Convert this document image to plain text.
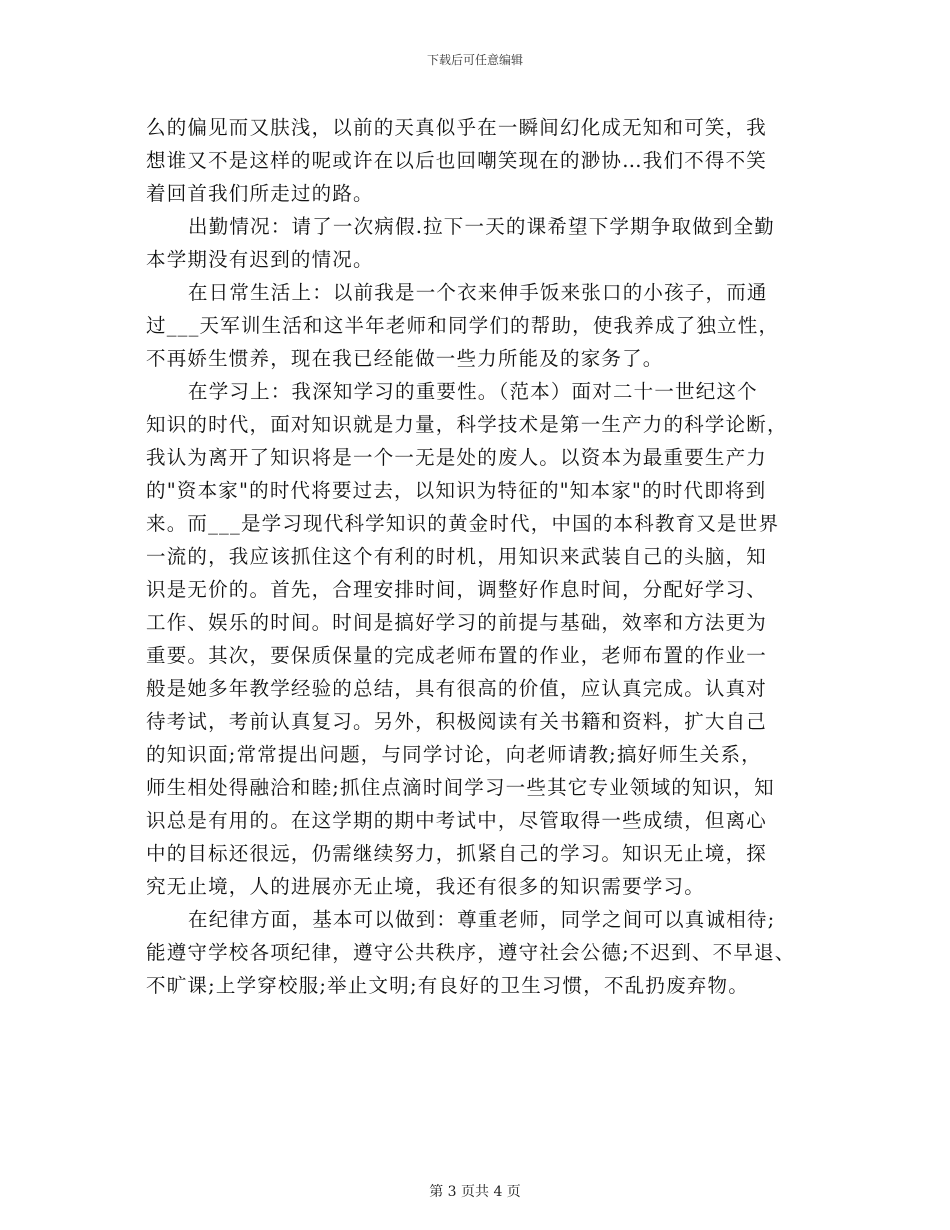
下载后可任意编辑
么的偏见而又肤浅，以前的天真似乎在一瞬间幻化成无知和可笑，我
想谁又不是这样的呢或许在以后也回嘲笑现在的渺协…我们不得不笑
着回首我们所走过的路。
出勤情况：请了一次病假.拉下一天的课希望下学期争取做到全勤
本学期没有迟到的情况。
在日常生活上：以前我是一个衣来伸手饭来张口的小孩子，而通
过___天军训生活和这半年老师和同学们的帮助，使我养成了独立性，
不再娇生惯养，现在我已经能做一些力所能及的家务了。
在学习上：我深知学习的重要性。（范本）面对二十一世纪这个
知识的时代，面对知识就是力量，科学技术是第一生产力的科学论断，
我认为离开了知识将是一个一无是处的废人。以资本为最重要生产力
的"资本家"的时代将要过去，以知识为特征的"知本家"的时代即将到
来。而___是学习现代科学知识的黄金时代，中国的本科教育又是世界
一流的，我应该抓住这个有利的时机，用知识来武装自己的头脑，知
识是无价的。首先，合理安排时间，调整好作息时间，分配好学习、
工作、娱乐的时间。时间是搞好学习的前提与基础，效率和方法更为
重要。其次，要保质保量的完成老师布置的作业，老师布置的作业一
般是她多年教学经验的总结，具有很高的价值，应认真完成。认真对
待考试，考前认真复习。另外，积极阅读有关书籍和资料，扩大自己
的知识面;常常提出问题，与同学讨论，向老师请教;搞好师生关系，
师生相处得融洽和睦;抓住点滴时间学习一些其它专业领域的知识，知
识总是有用的。在这学期的期中考试中，尽管取得一些成绩，但离心
中的目标还很远，仍需继续努力，抓紧自己的学习。知识无止境，探
究无止境，人的进展亦无止境，我还有很多的知识需要学习。
在纪律方面，基本可以做到：尊重老师，同学之间可以真诚相待;
能遵守学校各项纪律，遵守公共秩序，遵守社会公德;不迟到、不早退、
不旷课;上学穿校服;举止文明;有良好的卫生习惯，不乱扔废弃物。
第 3 页共 4 页
